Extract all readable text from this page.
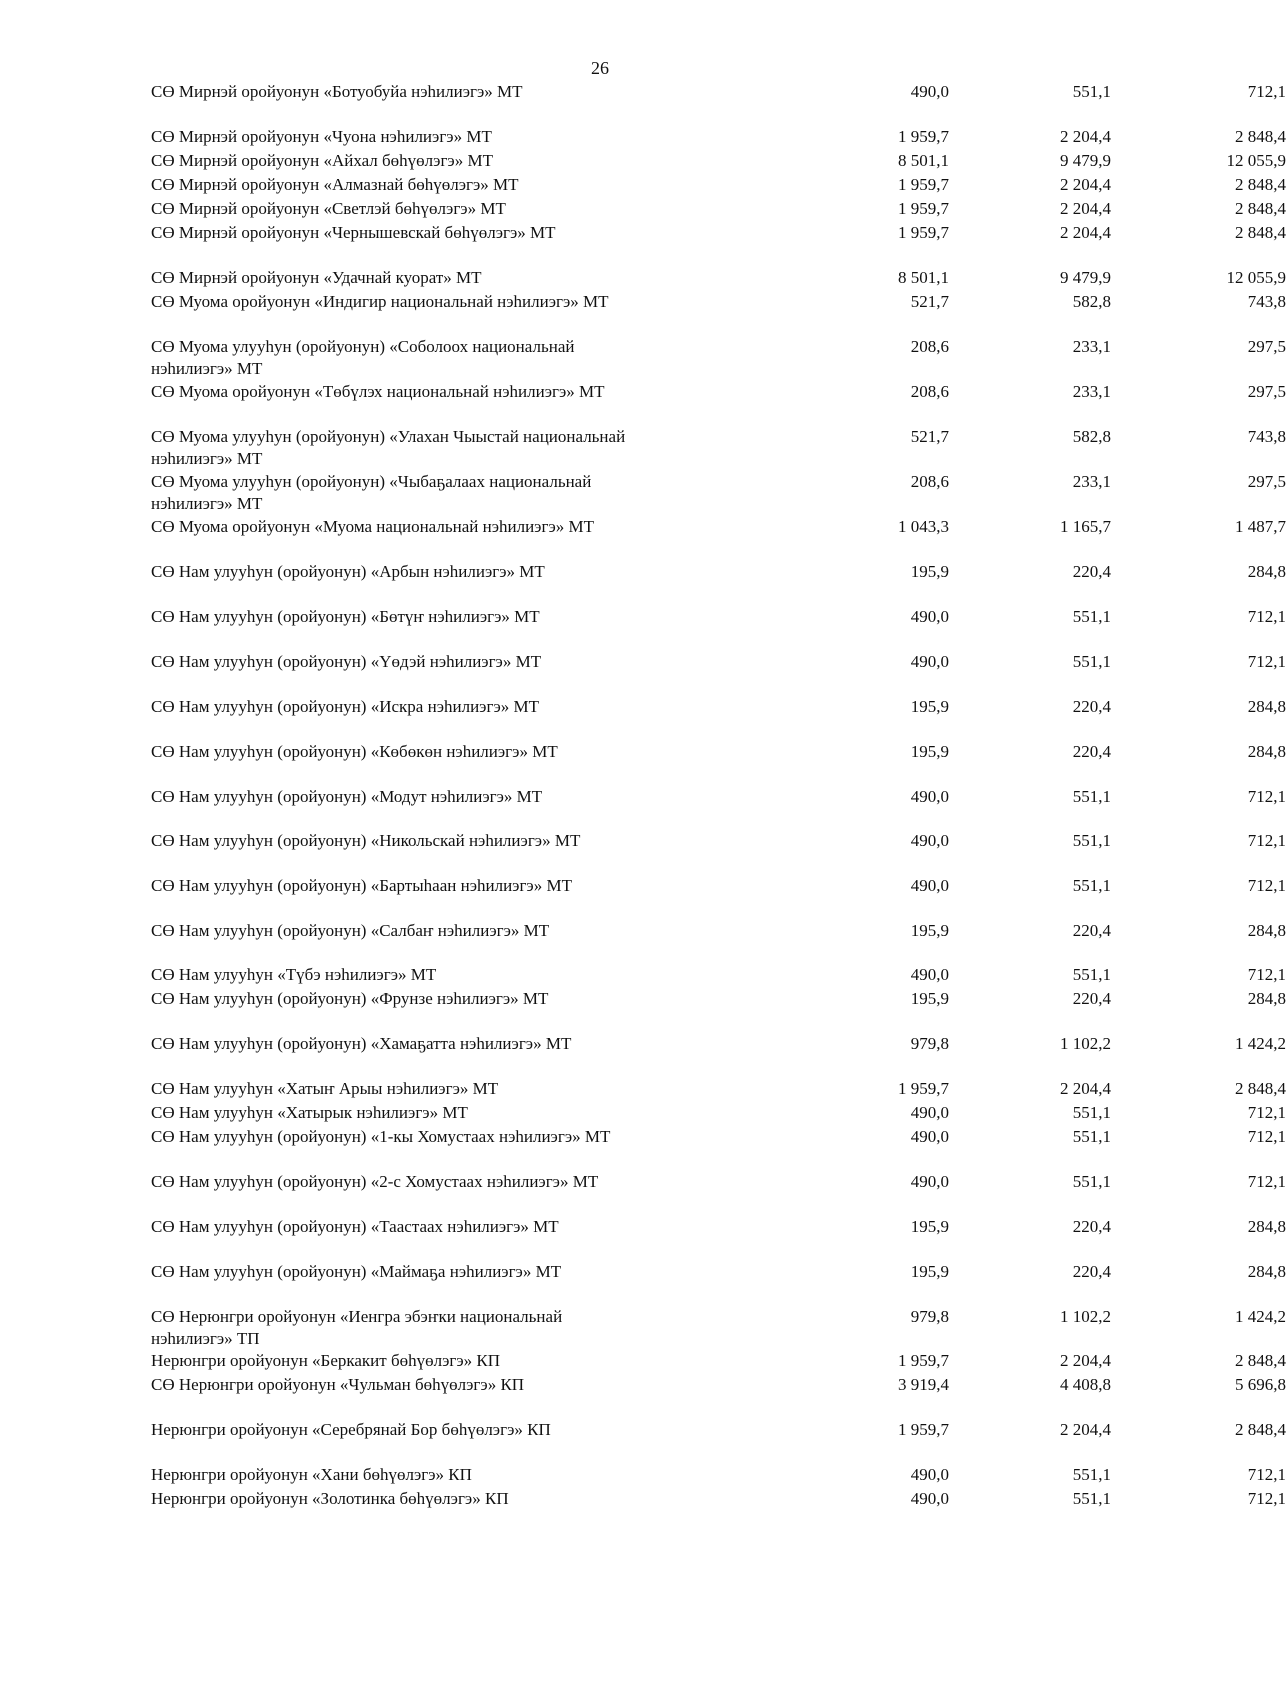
26
СӨ Мирнэй оройуонун «Ботуобуйа нэһилиэгэ» МТ	490,0	551,1	712,1
СӨ Мирнэй оройуонун «Чуона нэһилиэгэ» МТ	1 959,7	2 204,4	2 848,4
СӨ Мирнэй оройуонун «Айхал бөһүөлэгэ» МТ	8 501,1	9 479,9	12 055,9
СӨ Мирнэй оройуонун «Алмазнай бөһүөлэгэ» МТ	1 959,7	2 204,4	2 848,4
СӨ Мирнэй оройуонун «Светлэй бөһүөлэгэ» МТ	1 959,7	2 204,4	2 848,4
СӨ Мирнэй оройуонун «Чернышевскай бөһүөлэгэ» МТ	1 959,7	2 204,4	2 848,4
СӨ Мирнэй оройуонун «Удачнай куорат» МТ	8 501,1	9 479,9	12 055,9
СӨ Муома оройуонун «Индигир национальнай нэһилиэгэ» МТ	521,7	582,8	743,8
СӨ Муома улууһун (оройуонун) «Соболоох национальнай нэһилиэгэ» МТ
208,6	233,1	297,5
СӨ Муома оройуонун «Төбүлэх национальнай нэһилиэгэ» МТ	208,6	233,1	297,5
СӨ Муома улууһун (оройуонун) «Улахан Чыыстай национальнай нэһилиэгэ» МТ
521,7	582,8	743,8
СӨ Муома улууһун (оройуонун) «Чыбаҕалаах национальнай нэһилиэгэ» МТ
208,6	233,1	297,5
СӨ Муома оройуонун «Муома национальнай нэһилиэгэ» МТ	1 043,3	1 165,7	1 487,7
СӨ Нам улууһун (оройуонун) «Арбын нэһилиэгэ» МТ	195,9	220,4	284,8
СӨ Нам улууһун (оройуонун) «Бөтүҥ нэһилиэгэ» МТ	490,0	551,1	712,1
СӨ Нам улууһун (оройуонун) «Үөдэй нэһилиэгэ» МТ	490,0	551,1	712,1
СӨ Нам улууһун (оройуонун) «Искра нэһилиэгэ» МТ	195,9	220,4	284,8
СӨ Нам улууһун (оройуонун) «Көбөкөн нэһилиэгэ» МТ	195,9	220,4	284,8
СӨ Нам улууһун (оройуонун) «Модут нэһилиэгэ» МТ	490,0	551,1	712,1
СӨ Нам улууһун (оройуонун) «Никольскай нэһилиэгэ» МТ	490,0	551,1	712,1
СӨ Нам улууһун (оройуонун) «Бартыһаан нэһилиэгэ» МТ	490,0	551,1	712,1
СӨ Нам улууһун (оройуонун) «Салбаҥ нэһилиэгэ» МТ	195,9	220,4	284,8
СӨ Нам улууһун «Түбэ нэһилиэгэ» МТ	490,0	551,1	712,1
СӨ Нам улууһун (оройуонун) «Фрунзе нэһилиэгэ» МТ	195,9	220,4	284,8
СӨ Нам улууһун (оройуонун) «Хамаҕатта нэһилиэгэ» МТ	979,8	1 102,2	1 424,2
СӨ Нам улууһун «Хатыҥ Арыы нэһилиэгэ» МТ	1 959,7	2 204,4	2 848,4
СӨ Нам улууһун «Хатырык нэһилиэгэ» МТ	490,0	551,1	712,1
СӨ Нам улууһун (оройуонун) «1-кы Хомустаах нэһилиэгэ» МТ	490,0	551,1	712,1
СӨ Нам улууһун (оройуонун) «2-с Хомустаах нэһилиэгэ» МТ	490,0	551,1	712,1
СӨ Нам улууһун (оройуонун) «Таастаах нэһилиэгэ» МТ	195,9	220,4	284,8
СӨ Нам улууһун (оройуонун) «Маймаҕа нэһилиэгэ» МТ	195,9	220,4	284,8
СӨ Нерюнгри оройуонун «Иенгра эбэҥки национальнай нэһилиэгэ» ТП
979,8	1 102,2	1 424,2
Нерюнгри оройуонун «Беркакит бөһүөлэгэ» КП	1 959,7	2 204,4	2 848,4
СӨ Нерюнгри оройуонун «Чульман бөһүөлэгэ» КП	3 919,4	4 408,8	5 696,8
Нерюнгри оройуонун «Серебрянай Бор бөһүөлэгэ» КП	1 959,7	2 204,4	2 848,4
Нерюнгри оройуонун «Хани бөһүөлэгэ» КП	490,0	551,1	712,1
Нерюнгри оройуонун «Золотинка бөһүөлэгэ» КП	490,0	551,1	712,1
